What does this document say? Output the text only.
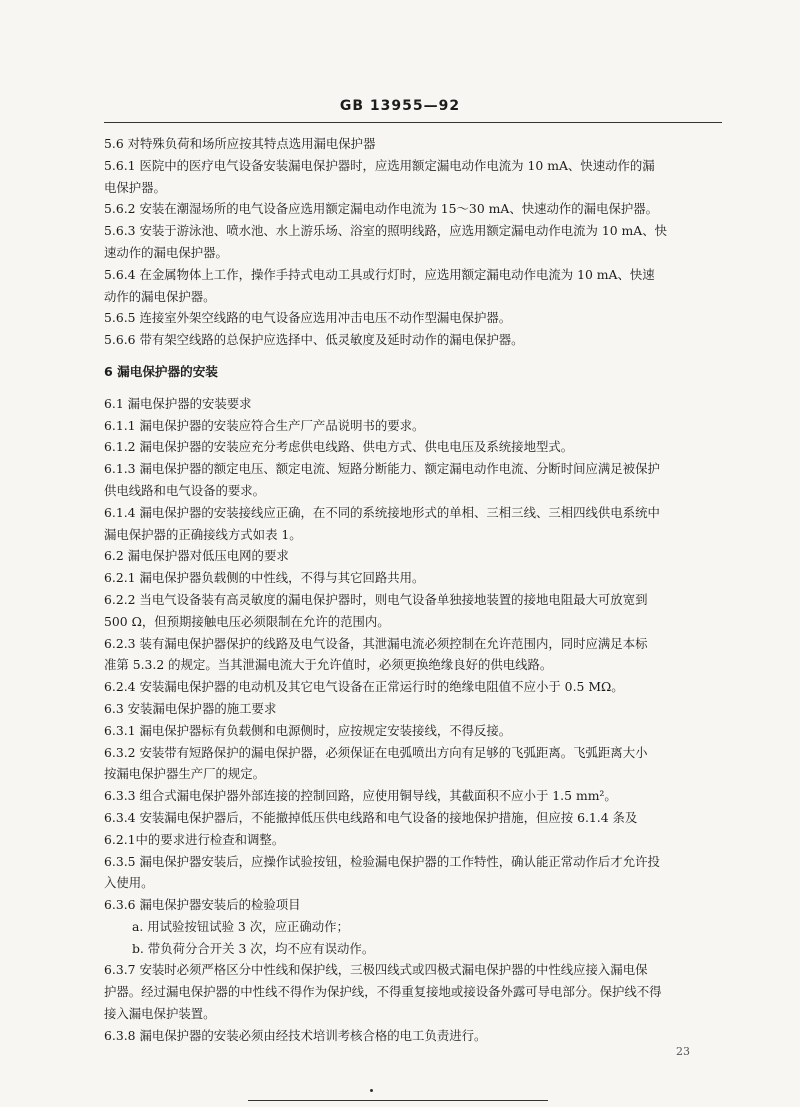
GB 13955—92

5.6 对特殊负荷和场所应按其特点选用漏电保护器

5.6.1 医院中的医疗电气设备安装漏电保护器时，应选用额定漏电动作电流为 10 mA、快速动作的漏

电保护器。

5.6.2 安装在潮湿场所的电气设备应选用额定漏电动作电流为 15～30 mA、快速动作的漏电保护器。

5.6.3 安装于游泳池、喷水池、水上游乐场、浴室的照明线路，应选用额定漏电动作电流为 10 mA、快

速动作的漏电保护器。

5.6.4 在金属物体上工作，操作手持式电动工具或行灯时，应选用额定漏电动作电流为 10 mA、快速

动作的漏电保护器。

5.6.5 连接室外架空线路的电气设备应选用冲击电压不动作型漏电保护器。

5.6.6 带有架空线路的总保护应选择中、低灵敏度及延时动作的漏电保护器。

6 漏电保护器的安装

6.1 漏电保护器的安装要求

6.1.1 漏电保护器的安装应符合生产厂产品说明书的要求。

6.1.2 漏电保护器的安装应充分考虑供电线路、供电方式、供电电压及系统接地型式。

6.1.3 漏电保护器的额定电压、额定电流、短路分断能力、额定漏电动作电流、分断时间应满足被保护

供电线路和电气设备的要求。

6.1.4 漏电保护器的安装接线应正确，在不同的系统接地形式的单相、三相三线、三相四线供电系统中

漏电保护器的正确接线方式如表 1。

6.2 漏电保护器对低压电网的要求

6.2.1 漏电保护器负载侧的中性线，不得与其它回路共用。

6.2.2 当电气设备装有高灵敏度的漏电保护器时，则电气设备单独接地装置的接地电阻最大可放宽到

500 Ω，但预期接触电压必须限制在允许的范围内。

6.2.3 装有漏电保护器保护的线路及电气设备，其泄漏电流必须控制在允许范围内，同时应满足本标

准第 5.3.2 的规定。当其泄漏电流大于允许值时，必须更换绝缘良好的供电线路。

6.2.4 安装漏电保护器的电动机及其它电气设备在正常运行时的绝缘电阻值不应小于 0.5 MΩ。

6.3 安装漏电保护器的施工要求

6.3.1 漏电保护器标有负载侧和电源侧时，应按规定安装接线，不得反接。

6.3.2 安装带有短路保护的漏电保护器，必须保证在电弧喷出方向有足够的飞弧距离。飞弧距离大小

按漏电保护器生产厂的规定。

6.3.3 组合式漏电保护器外部连接的控制回路，应使用铜导线，其截面积不应小于 1.5 mm²。

6.3.4 安装漏电保护器后，不能撤掉低压供电线路和电气设备的接地保护措施，但应按 6.1.4 条及

6.2.1中的要求进行检查和调整。

6.3.5 漏电保护器安装后，应操作试验按钮，检验漏电保护器的工作特性，确认能正常动作后才允许投

入使用。

6.3.6 漏电保护器安装后的检验项目

a. 用试验按钮试验 3 次，应正确动作；

b. 带负荷分合开关 3 次，均不应有误动作。

6.3.7 安装时必须严格区分中性线和保护线，三极四线式或四极式漏电保护器的中性线应接入漏电保

护器。经过漏电保护器的中性线不得作为保护线，不得重复接地或接设备外露可导电部分。保护线不得

接入漏电保护装置。

6.3.8 漏电保护器的安装必须由经技术培训考核合格的电工负责进行。

23
